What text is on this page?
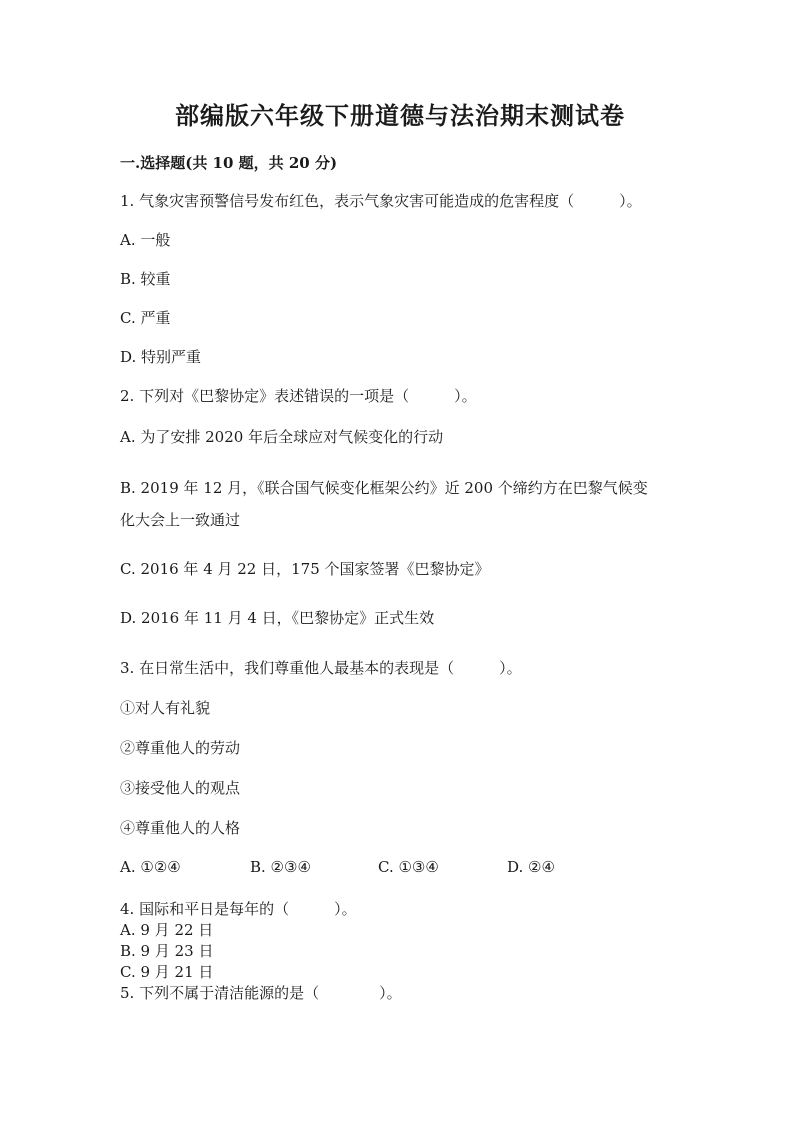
部编版六年级下册道德与法治期末测试卷
一.选择题(共 10 题，共 20 分)
1. 气象灾害预警信号发布红色，表示气象灾害可能造成的危害程度（　　　）。
A. 一般
B. 较重
C. 严重
D. 特别严重
2. 下列对《巴黎协定》表述错误的一项是（　　　）。
A. 为了安排 2020 年后全球应对气候变化的行动
B. 2019 年 12 月，《联合国气候变化框架公约》近 200 个缔约方在巴黎气候变
化大会上一致通过
C. 2016 年 4 月 22 日，175 个国家签署《巴黎协定》
D. 2016 年 11 月 4 日，《巴黎协定》正式生效
3. 在日常生活中，我们尊重他人最基本的表现是（　　　）。
①对人有礼貌
②尊重他人的劳动
③接受他人的观点
④尊重他人的人格
A. ①②④	B. ②③④	C. ①③④	D. ②④
4. 国际和平日是每年的（　　　）。
A. 9 月 22 日
B. 9 月 23 日
C. 9 月 21 日
5. 下列不属于清洁能源的是（　　　　）。
